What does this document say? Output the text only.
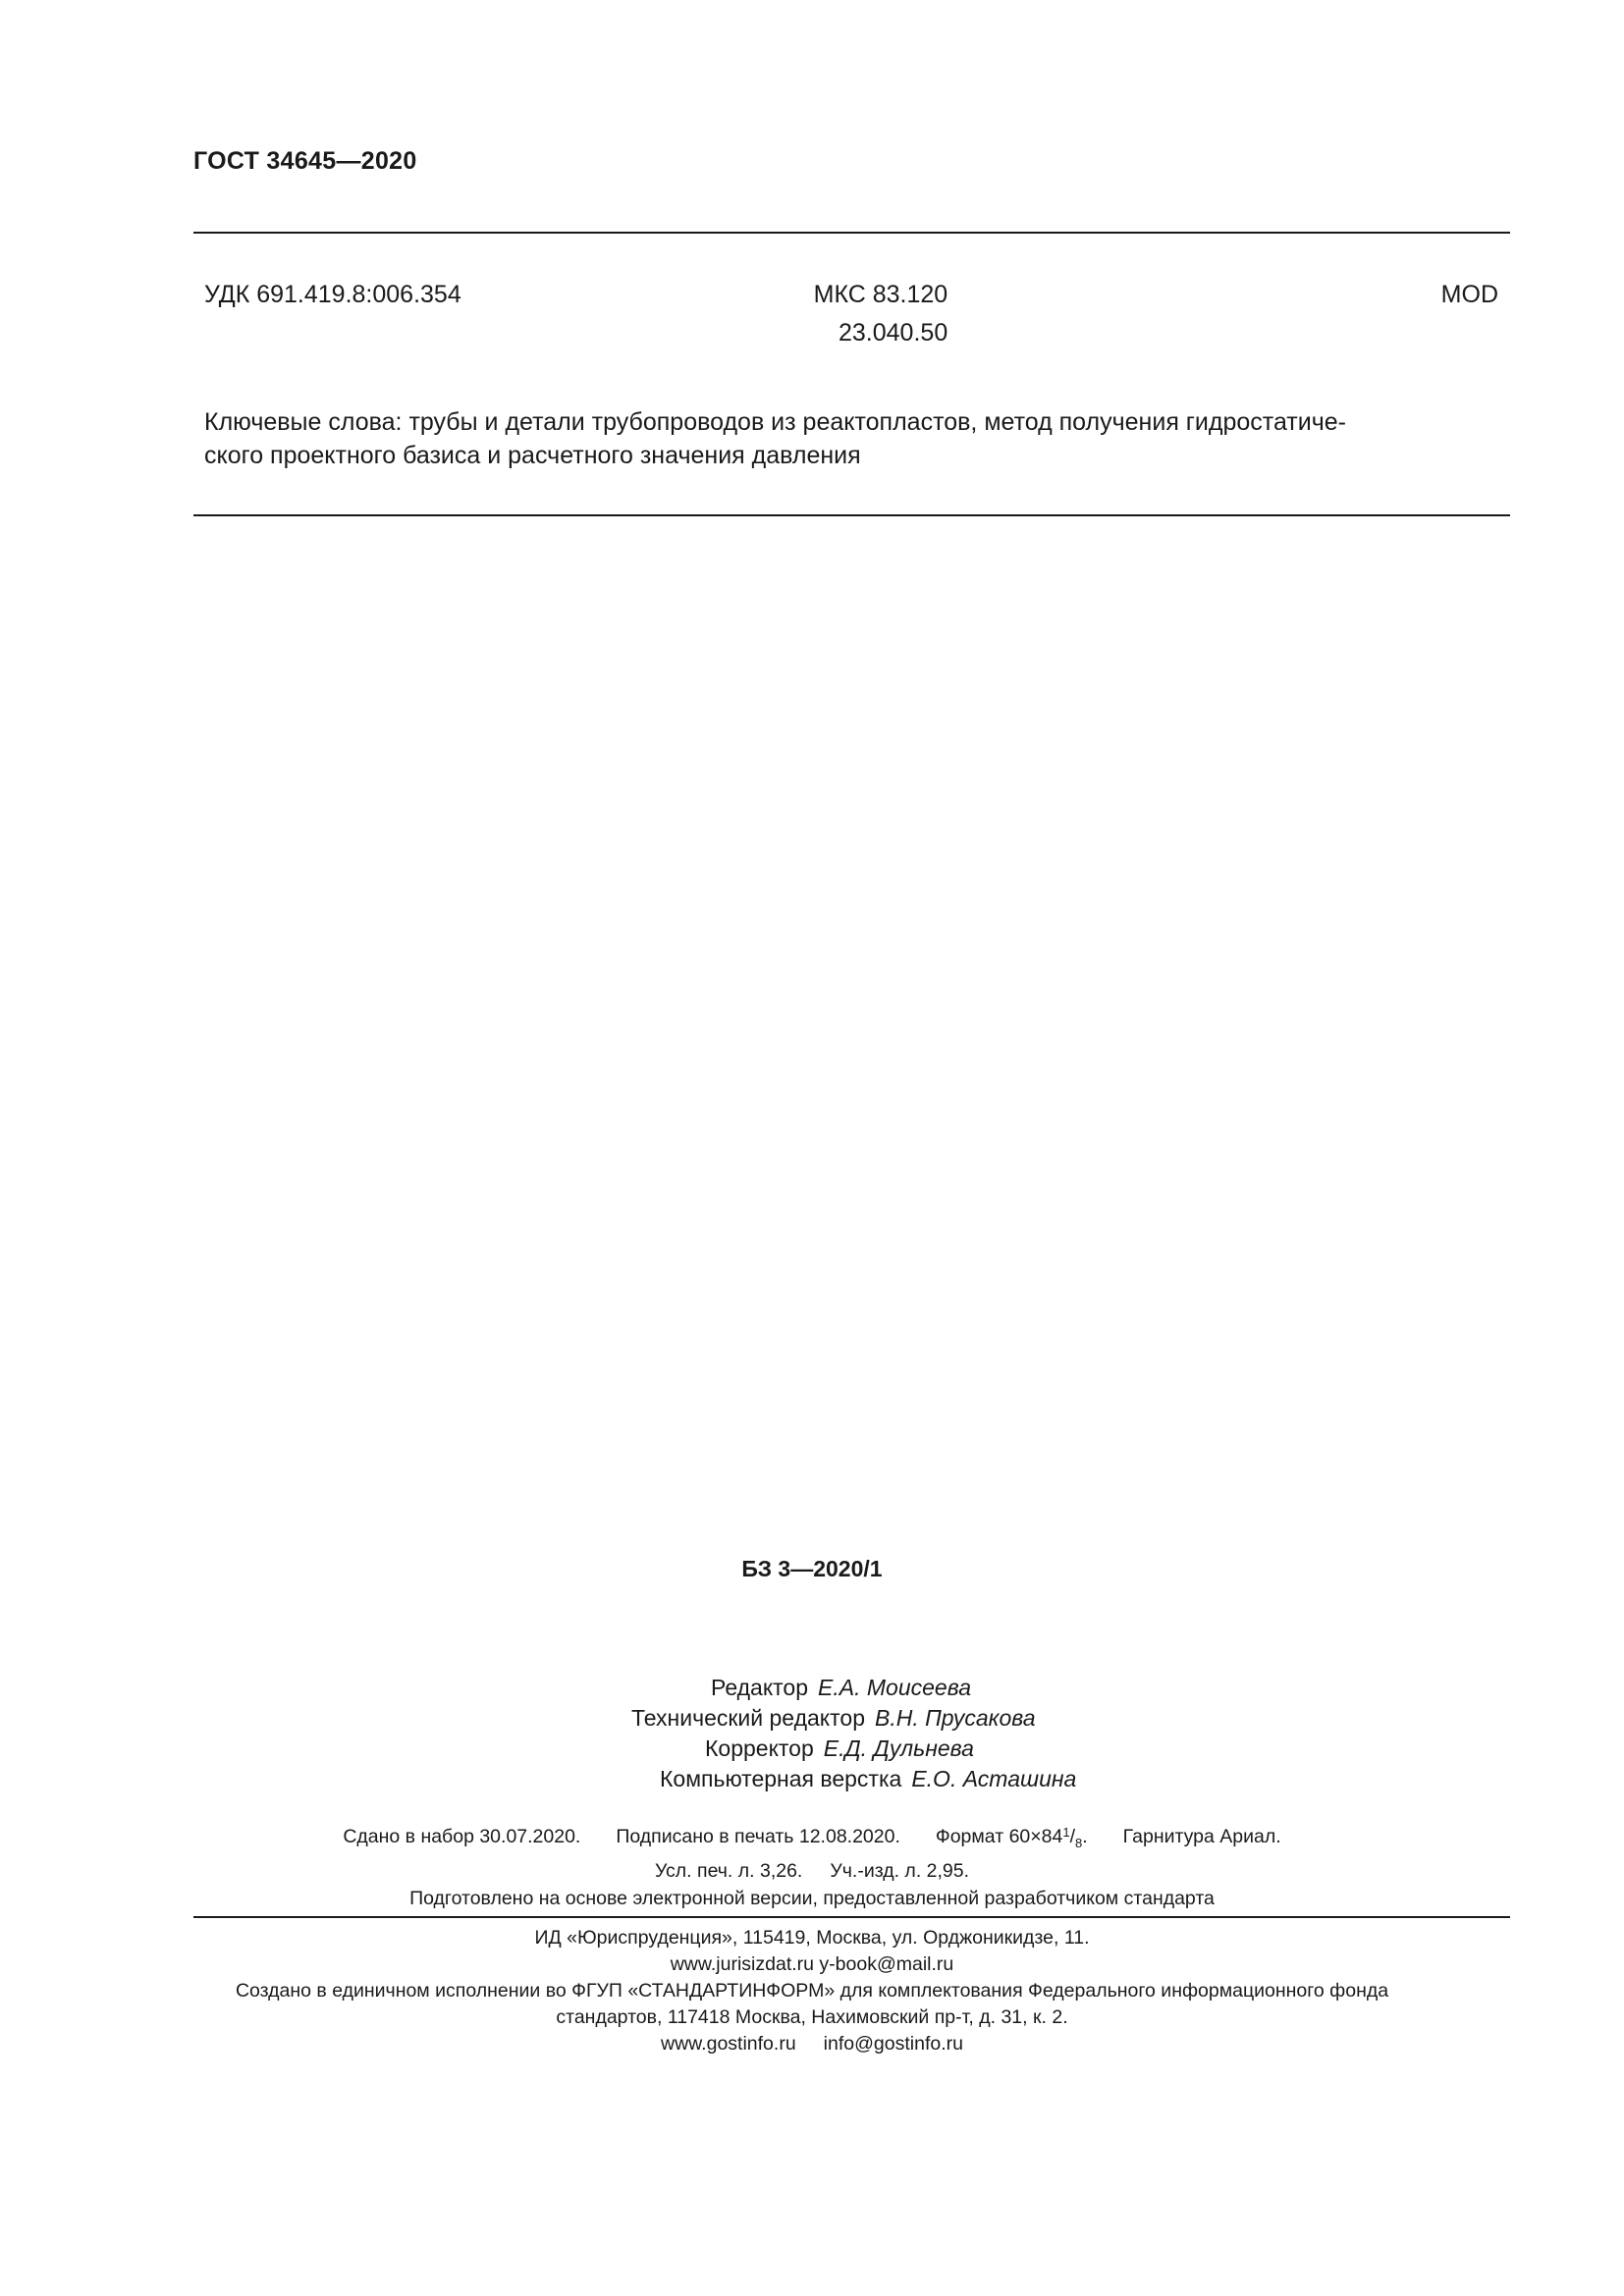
ГОСТ 34645—2020
УДК 691.419.8:006.354	МКС 83.120
23.040.50
MOD
Ключевые слова: трубы и детали трубопроводов из реактопластов, метод получения гидростатиче-
ского проектного базиса и расчетного значения давления
БЗ 3—2020/1
Редактор Е.А. Моисеева
Технический редактор В.Н. Прусакова
Корректор Е.Д. Дульнева
Компьютерная верстка Е.О. Асташина
Сдано в набор 30.07.2020. Подписано в печать 12.08.2020. Формат $60\times 84^1/_8$. Гарнитура Ариал.
Усл. печ. л. 3,26. Уч.-изд. л. 2,95.
Подготовлено на основе электронной версии, предоставленной разработчиком стандарта
ИД «Юриспруденция», 115419, Москва, ул. Орджоникидзе, 11.
www.jurisizdat.ru y-book@mail.ru
Создано в единичном исполнении во ФГУП «СТАНДАРТИНФОРМ» для комплектования Федерального информационного фонда
стандартов, 117418 Москва, Нахимовский пр-т, д. 31, к. 2.
www.gostinfo.ru info@gostinfo.ru
